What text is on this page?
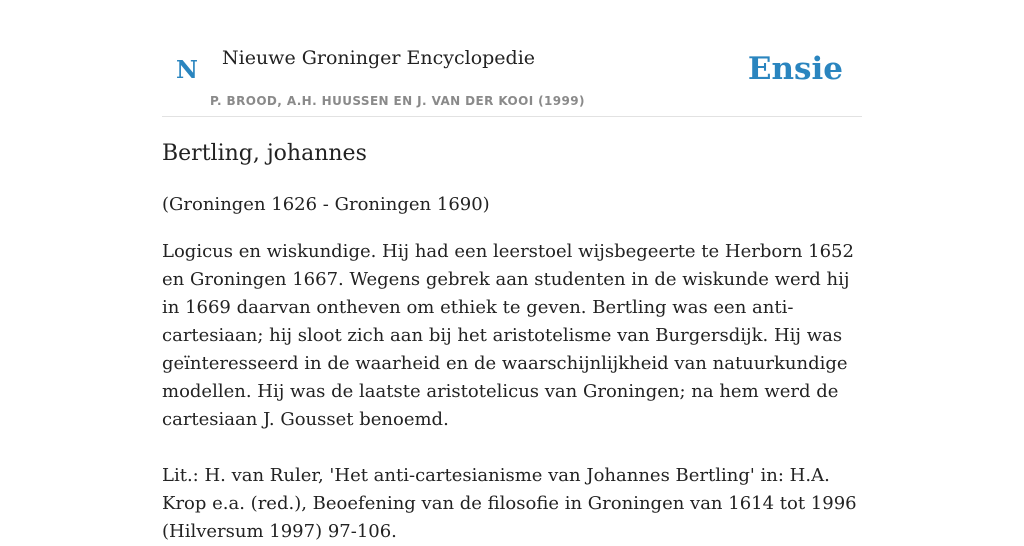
N Nieuwe Groninger Encyclopedie
P. BROOD, A.H. HUUSSEN EN J. VAN DER KOOI (1999)
Ensie
Bertling, johannes

(Groningen 1626 - Groningen 1690)

Logicus en wiskundige. Hij had een leerstoel wijsbegeerte te Herborn 1652 en Groningen 1667. Wegens gebrek aan studenten in de wiskunde werd hij in 1669 daarvan ontheven om ethiek te geven. Bertling was een anti-cartesiaan; hij sloot zich aan bij het aristotelisme van Burgersdijk. Hij was geïnteresseerd in de waarheid en de waarschijnlijkheid van natuurkundige modellen. Hij was de laatste aristotelicus van Groningen; na hem werd de cartesiaan J. Gousset benoemd.

Lit.: H. van Ruler, 'Het anti-cartesianisme van Johannes Bertling' in: H.A. Krop e.a. (red.), Beoefening van de filosofie in Groningen van 1614 tot 1996 (Hilversum 1997) 97-106.
